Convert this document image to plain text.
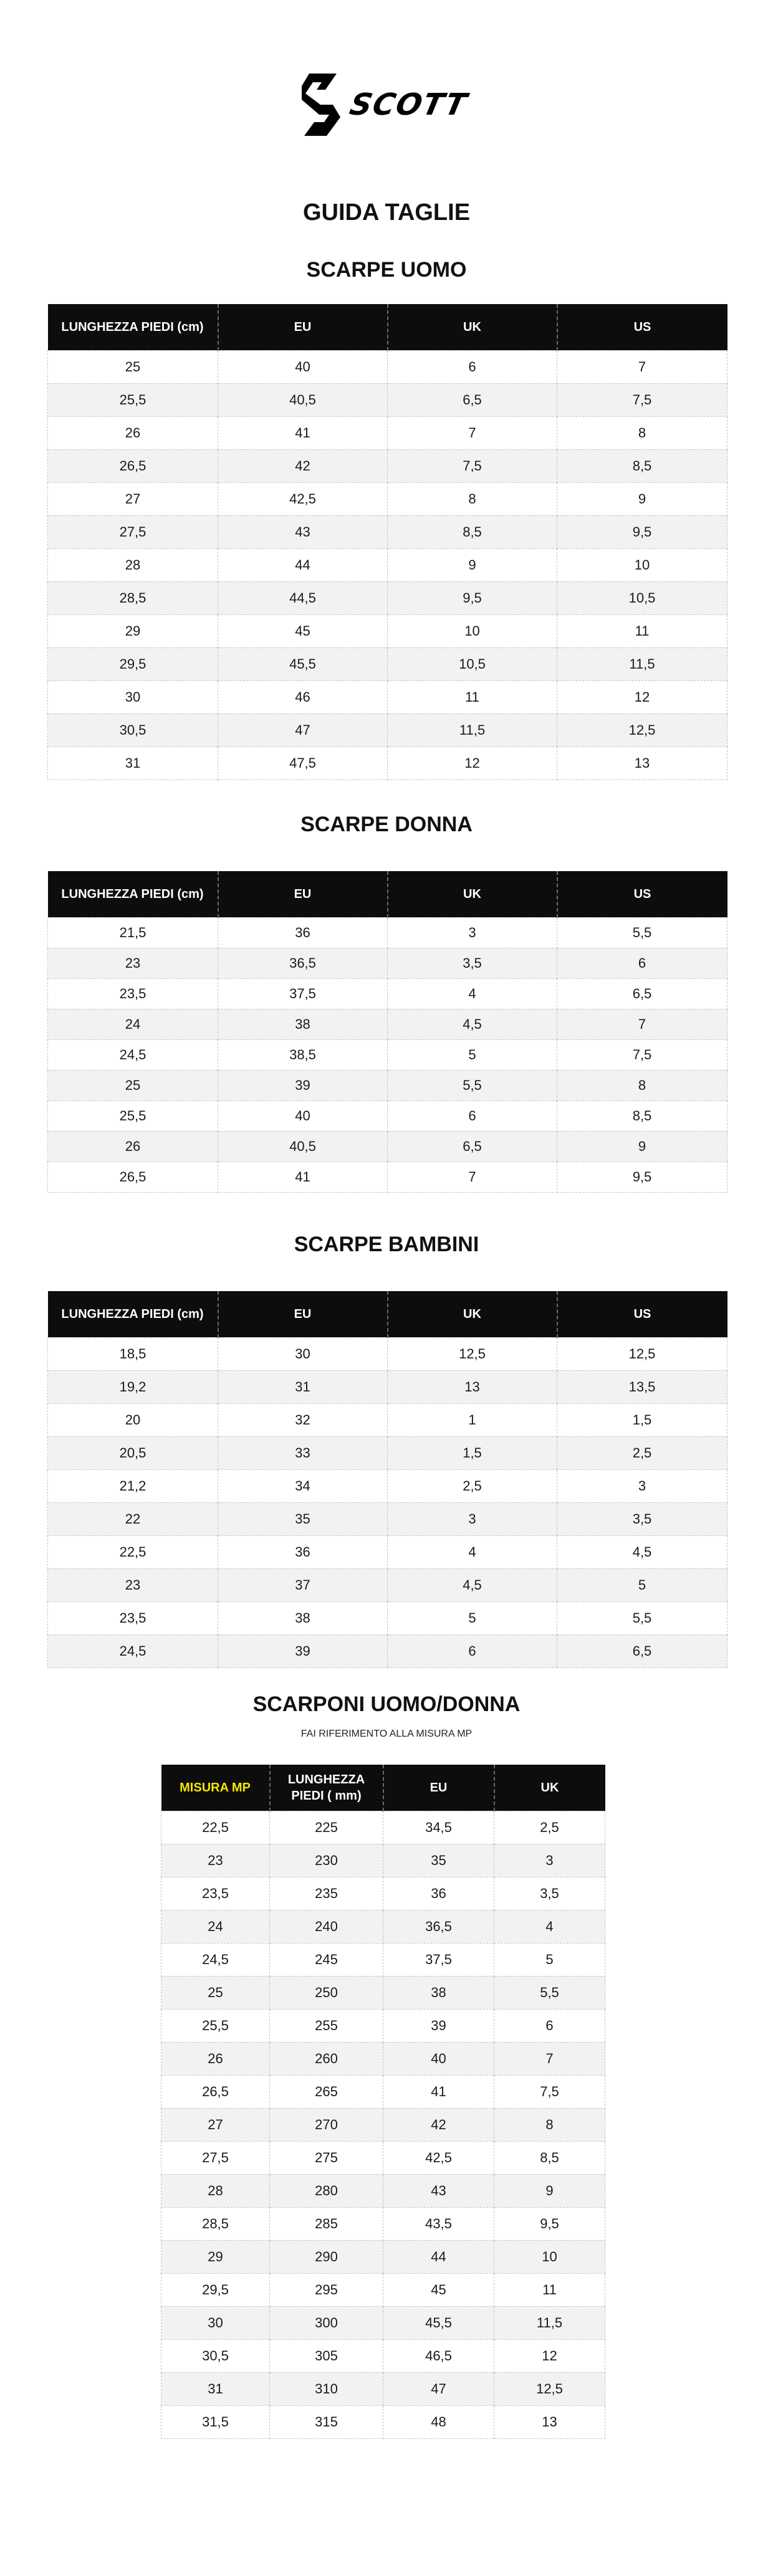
SCOTT
GUIDA TAGLIE
SCARPE UOMO
LUNGHEZZA PIEDI (cm)	EU	UK	US
25	40	6	7
25,5	40,5	6,5	7,5
26	41	7	8
26,5	42	7,5	8,5
27	42,5	8	9
27,5	43	8,5	9,5
28	44	9	10
28,5	44,5	9,5	10,5
29	45	10	11
29,5	45,5	10,5	11,5
30	46	11	12
30,5	47	11,5	12,5
31	47,5	12	13
SCARPE DONNA
LUNGHEZZA PIEDI (cm)	EU	UK	US
21,5	36	3	5,5
23	36,5	3,5	6
23,5	37,5	4	6,5
24	38	4,5	7
24,5	38,5	5	7,5
25	39	5,5	8
25,5	40	6	8,5
26	40,5	6,5	9
26,5	41	7	9,5
SCARPE BAMBINI
LUNGHEZZA PIEDI (cm)	EU	UK	US
18,5	30	12,5	12,5
19,2	31	13	13,5
20	32	1	1,5
20,5	33	1,5	2,5
21,2	34	2,5	3
22	35	3	3,5
22,5	36	4	4,5
23	37	4,5	5
23,5	38	5	5,5
24,5	39	6	6,5
SCARPONI UOMO/DONNA
FAI RIFERIMENTO ALLA MISURA MP
MISURA MP	LUNGHEZZA PIEDI ( mm)	EU	UK
22,5	225	34,5	2,5
23	230	35	3
23,5	235	36	3,5
24	240	36,5	4
24,5	245	37,5	5
25	250	38	5,5
25,5	255	39	6
26	260	40	7
26,5	265	41	7,5
27	270	42	8
27,5	275	42,5	8,5
28	280	43	9
28,5	285	43,5	9,5
29	290	44	10
29,5	295	45	11
30	300	45,5	11,5
30,5	305	46,5	12
31	310	47	12,5
31,5	315	48	13
